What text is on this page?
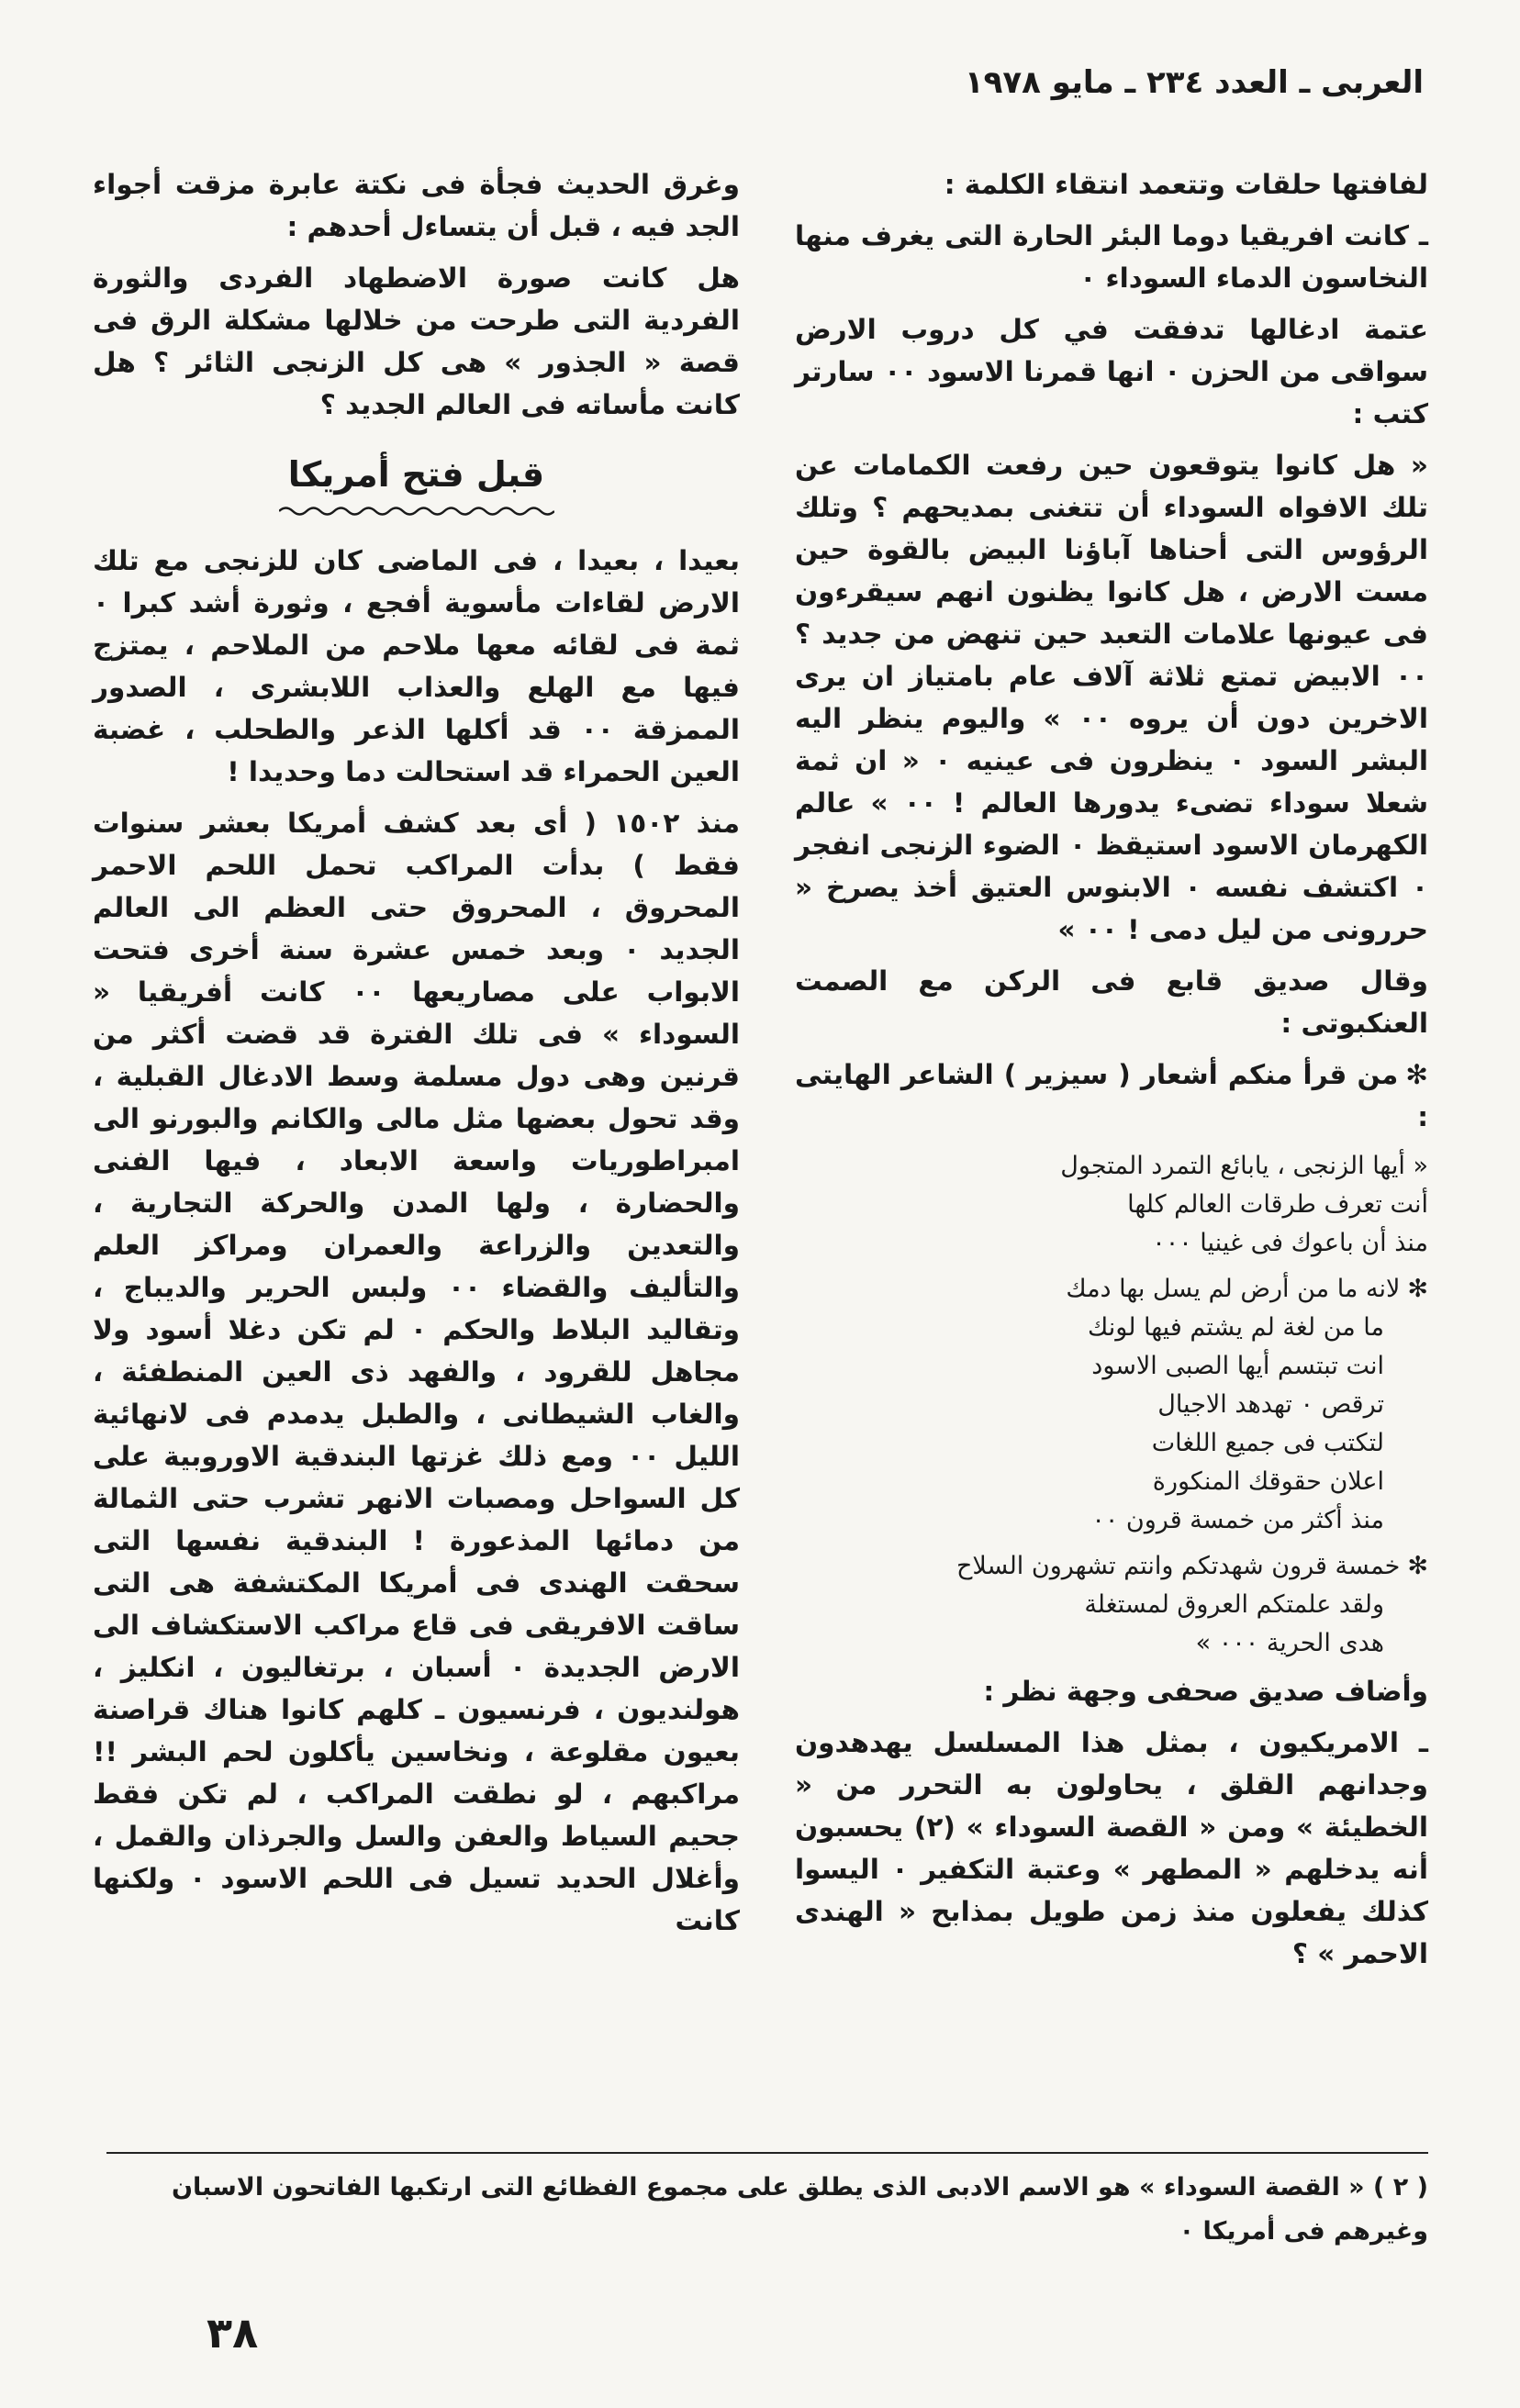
العربى ـ العدد ٢٣٤ ـ مايو ١٩٧٨

لفافتها حلقات وتتعمد انتقاء الكلمة :

ـ كانت افريقيا دوما البئر الحارة التى يغرف منها النخاسون الدماء السوداء ٠

عتمة ادغالها تدفقت في كل دروب الارض سواقى من الحزن ٠ انها قمرنا الاسود ٠٠ سارتر كتب :

« هل كانوا يتوقعون حين رفعت الكمامات عن تلك الافواه السوداء أن تتغنى بمديحهم ؟ وتلك الرؤوس التى أحناها آباؤنا البيض بالقوة حين مست الارض ، هل كانوا يظنون انهم سيقرءون فى عيونها علامات التعبد حين تنهض من جديد ؟ ٠٠ الابيض تمتع ثلاثة آلاف عام بامتياز ان يرى الاخرين دون أن يروه ٠٠ » واليوم ينظر اليه البشر السود ٠ ينظرون فى عينيه ٠ « ان ثمة شعلا سوداء تضىء يدورها العالم ! ٠٠ » عالم الكهرمان الاسود استيقظ ٠ الضوء الزنجى انفجر ٠ اكتشف نفسه ٠ الابنوس العتيق أخذ يصرخ « حررونى من ليل دمى ! ٠٠ »

وقال صديق قابع فى الركن مع الصمت العنكبوتى :

✻من قرأ منكم أشعار ( سيزير ) الشاعر الهايتى :

« أيها الزنجى ، يابائع التمرد المتجول
أنت تعرف طرقات العالم كلها
منذ أن باعوك فى غينيا ٠٠٠
✻لانه ما من أرض لم يسل بها دمك
ما من لغة لم يشتم فيها لونك
انت تبتسم أيها الصبى الاسود
ترقص ٠ تهدهد الاجيال
لتكتب فى جميع اللغات
اعلان حقوقك المنكورة
منذ أكثر من خمسة قرون ٠٠
✻خمسة قرون شهدتكم وانتم تشهرون السلاح
ولقد علمتكم العروق لمستغلة
هدى الحرية ٠٠٠ »

وأضاف صديق صحفى وجهة نظر :

ـ الامريكيون ، بمثل هذا المسلسل يهدهدون وجدانهم القلق ، يحاولون به التحرر من « الخطيئة » ومن « القصة السوداء » (٢) يحسبون أنه يدخلهم « المطهر » وعتبة التكفير ٠ اليسوا كذلك يفعلون منذ زمن طويل بمذابح « الهندى الاحمر » ؟

وغرق الحديث فجأة فى نكتة عابرة مزقت أجواء الجد فيه ، قبل أن يتساءل أحدهم :

هل كانت صورة الاضطهاد الفردى والثورة الفردية التى طرحت من خلالها مشكلة الرق فى قصة « الجذور » هى كل الزنجى الثائر ؟ هل كانت مأساته فى العالم الجديد ؟

قبل فتح أمريكا

بعيدا ، بعيدا ، فى الماضى كان للزنجى مع تلك الارض لقاءات مأسوية أفجع ، وثورة أشد كبرا ٠ ثمة فى لقائه معها ملاحم من الملاحم ، يمتزج فيها مع الهلع والعذاب اللابشرى ، الصدور الممزقة ٠٠ قد أكلها الذعر والطحلب ، غضبة العين الحمراء قد استحالت دما وحديدا !

منذ ١٥٠٢ ( أى بعد كشف أمريكا بعشر سنوات فقط ) بدأت المراكب تحمل اللحم الاحمر المحروق ، المحروق حتى العظم الى العالم الجديد ٠ وبعد خمس عشرة سنة أخرى فتحت الابواب على مصاريعها ٠٠ كانت أفريقيا « السوداء » فى تلك الفترة قد قضت أكثر من قرنين وهى دول مسلمة وسط الادغال القبلية ، وقد تحول بعضها مثل مالى والكانم والبورنو الى امبراطوريات واسعة الابعاد ، فيها الفنى والحضارة ، ولها المدن والحركة التجارية ، والتعدين والزراعة والعمران ومراكز العلم والتأليف والقضاء ٠٠ ولبس الحرير والديباج ، وتقاليد البلاط والحكم ٠ لم تكن دغلا أسود ولا مجاهل للقرود ، والفهد ذى العين المنطفئة ، والغاب الشيطانى ، والطبل يدمدم فى لانهائية الليل ٠٠ ومع ذلك غزتها البندقية الاوروبية على كل السواحل ومصبات الانهر تشرب حتى الثمالة من دمائها المذعورة ! البندقية نفسها التى سحقت الهندى فى أمريكا المكتشفة هى التى ساقت الافريقى فى قاع مراكب الاستكشاف الى الارض الجديدة ٠ أسبان ، برتغاليون ، انكليز ، هولنديون ، فرنسيون ـ كلهم كانوا هناك قراصنة بعيون مقلوعة ، ونخاسين يأكلون لحم البشر !! مراكبهم ، لو نطقت المراكب ، لم تكن فقط جحيم السياط والعفن والسل والجرذان والقمل ، وأغلال الحديد تسيل فى اللحم الاسود ٠ ولكنها كانت

( ٢ ) « القصة السوداء » هو الاسم الادبى الذى يطلق على مجموع الفظائع التى ارتكبها الفاتحون الاسبان وغيرهم فى أمريكا ٠
٣٨
